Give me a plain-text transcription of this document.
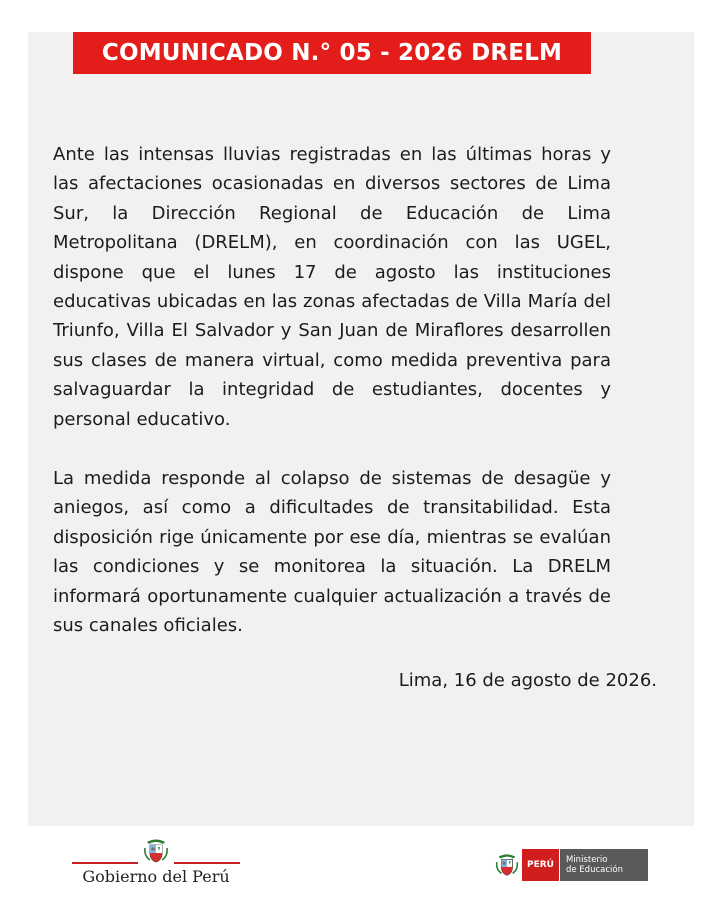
COMUNICADO N.° 05 - 2026 DRELM

Ante las intensas lluvias registradas en las últimas horas y las afectaciones ocasionadas en diversos sectores de Lima Sur, la Dirección Regional de Educación de Lima Metropolitana (DRELM), en coordinación con las UGEL, dispone que el lunes 17 de agosto las instituciones educativas ubicadas en las zonas afectadas de Villa María del Triunfo, Villa El Salvador y San Juan de Miraflores desarrollen sus clases de manera virtual, como medida preventiva para salvaguardar la integridad de estudiantes, docentes y personal educativo.

La medida responde al colapso de sistemas de desagüe y aniegos, así como a dificultades de transitabilidad. Esta disposición rige únicamente por ese día, mientras se evalúan las condiciones y se monitorea la situación. La DRELM informará oportunamente cualquier actualización a través de sus canales oficiales.

Lima, 16 de agosto de 2026.
Gobierno del Perú
PERÚ	Ministerio
de Educación
